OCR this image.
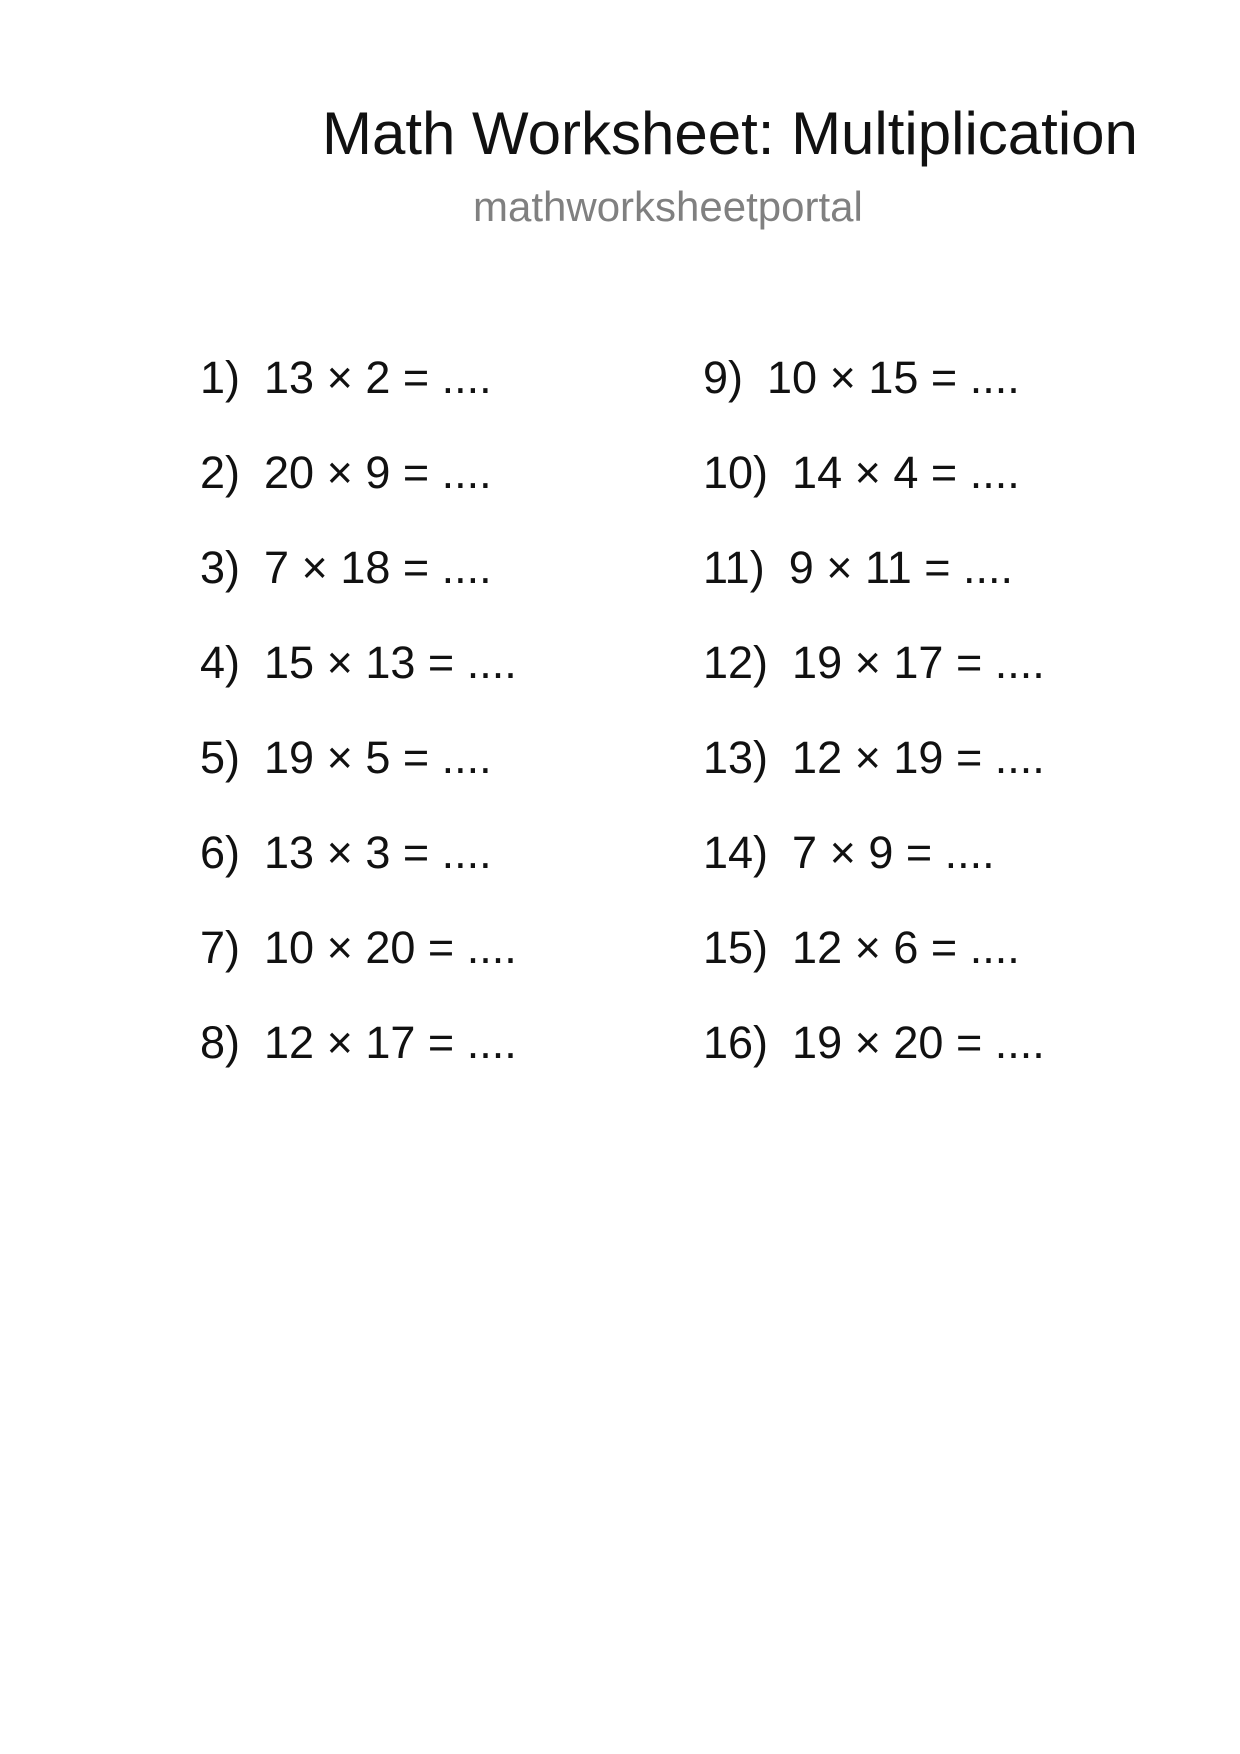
Math Worksheet: Multiplication
mathworksheetportal
1) 13 × 2 = ....
2) 20 × 9 = ....
3) 7 × 18 = ....
4) 15 × 13 = ....
5) 19 × 5 = ....
6) 13 × 3 = ....
7) 10 × 20 = ....
8) 12 × 17 = ....
9) 10 × 15 = ....
10) 14 × 4 = ....
11) 9 × 11 = ....
12) 19 × 17 = ....
13) 12 × 19 = ....
14) 7 × 9 = ....
15) 12 × 6 = ....
16) 19 × 20 = ....
